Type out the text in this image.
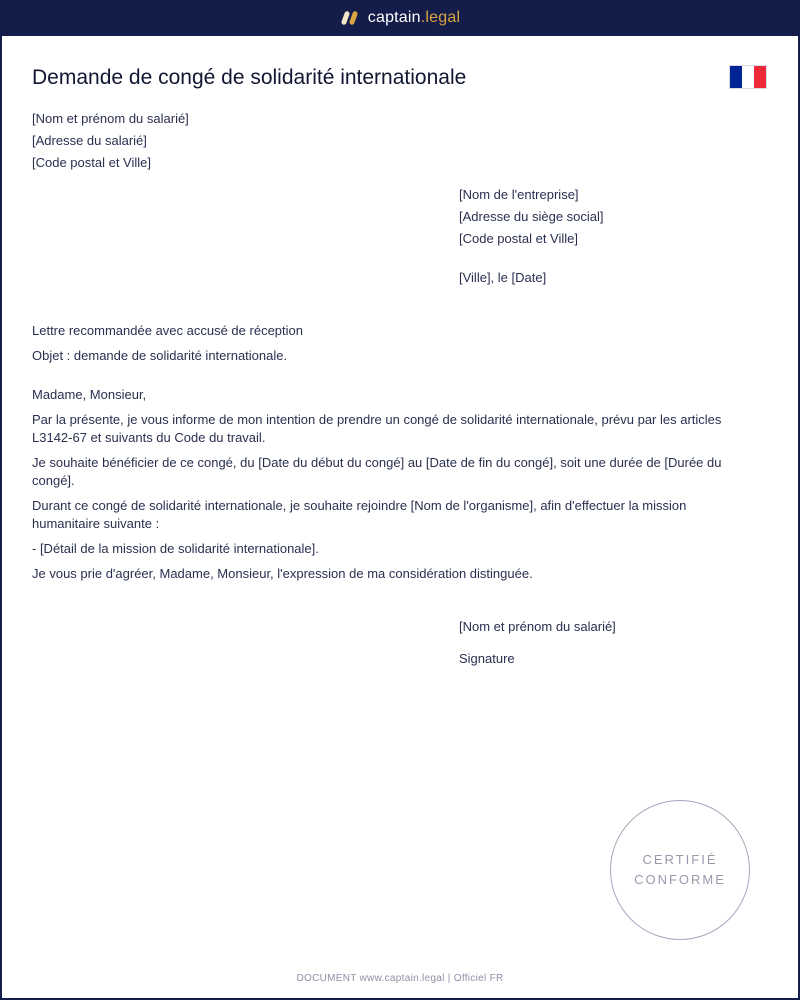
captain.legal
Demande de congé de solidarité internationale
[Nom et prénom du salarié]
[Adresse du salarié]
[Code postal et Ville]
[Nom de l'entreprise]
[Adresse du siège social]
[Code postal et Ville]
[Ville], le [Date]
Lettre recommandée avec accusé de réception
Objet : demande de solidarité internationale.
Madame, Monsieur,
Par la présente, je vous informe de mon intention de prendre un congé de solidarité internationale, prévu par les articles L3142-67 et suivants du Code du travail.
Je souhaite bénéficier de ce congé, du [Date du début du congé] au [Date de fin du congé], soit une durée de [Durée du congé].
Durant ce congé de solidarité internationale, je souhaite rejoindre [Nom de l'organisme], afin d'effectuer la mission humanitaire suivante :
- [Détail de la mission de solidarité internationale].
Je vous prie d'agréer, Madame, Monsieur, l'expression de ma considération distinguée.
[Nom et prénom du salarié]
Signature
CERTIFIÉ
CONFORME
DOCUMENT www.captain.legal | Officiel FR
